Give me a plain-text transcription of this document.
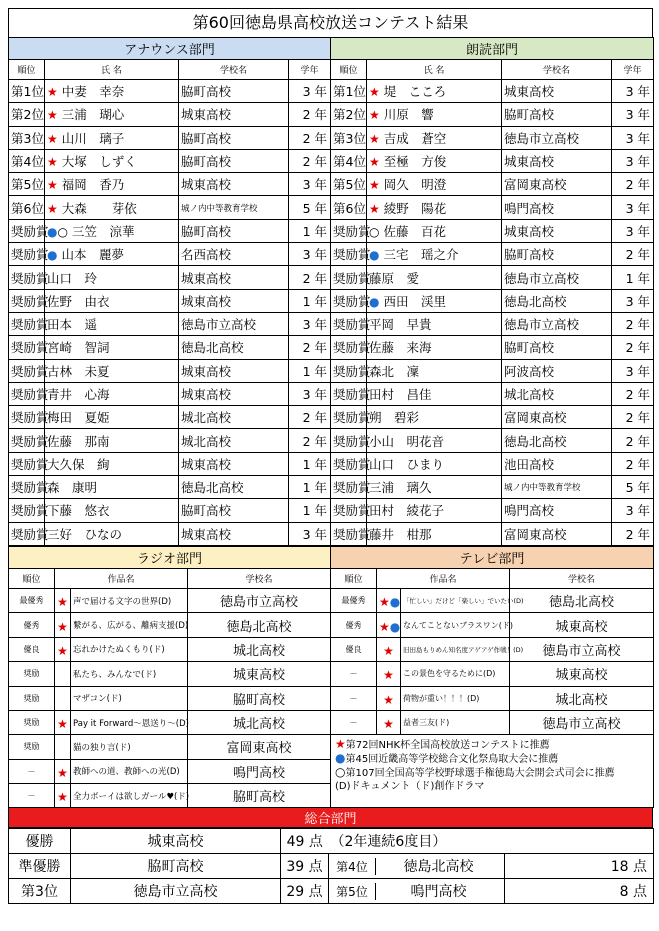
第60回徳島県高校放送コンテスト結果
アナウンス部門				朗読部門			
順位	氏 名	学校名	学年	順位	氏 名	学校名	学年
第1位	★ 中妻　幸奈	脇町高校	3 年	第1位	★ 堤　こころ	城東高校	3 年
第2位	★ 三浦　瑚心	城東高校	2 年	第2位	★ 川原　響	脇町高校	3 年
第3位	★ 山川　璃子	脇町高校	2 年	第3位	★ 吉成　蒼空	徳島市立高校	3 年
第4位	★ 大塚　しずく	脇町高校	2 年	第4位	★ 至極　方俊	城東高校	3 年
第5位	★ 福岡　香乃	城東高校	3 年	第5位	★ 岡久　明澄	富岡東高校	2 年
第6位	★ 大森　　芽依	城ノ内中等教育学校	5 年	第6位	★ 綾野　陽花	鳴門高校	3 年
奨励賞	●○ 三笠　涼華	脇町高校	1 年	奨励賞	○ 佐藤　百花	城東高校	3 年
奨励賞	● 山本　麗夢	名西高校	3 年	奨励賞	● 三宅　瑶之介	脇町高校	2 年
奨励賞	山口　玲	城東高校	2 年	奨励賞	藤原　愛	徳島市立高校	1 年
奨励賞	佐野　由衣	城東高校	1 年	奨励賞	● 西田　渓里	徳島北高校	3 年
奨励賞	田本　遥	徳島市立高校	3 年	奨励賞	平岡　早貴	徳島市立高校	2 年
奨励賞	宮崎　智詞	徳島北高校	2 年	奨励賞	佐藤　来海	脇町高校	2 年
奨励賞	古林　未夏	城東高校	1 年	奨励賞	森北　凜	阿波高校	3 年
奨励賞	青井　心海	城東高校	3 年	奨励賞	田村　昌佳	城北高校	2 年
奨励賞	梅田　夏姫	城北高校	2 年	奨励賞	朔　碧彩	富岡東高校	2 年
奨励賞	佐藤　那南	城北高校	2 年	奨励賞	小山　明花音	徳島北高校	2 年
奨励賞	大久保　絢	城東高校	1 年	奨励賞	山口　ひまり	池田高校	2 年
奨励賞	森　康明	徳島北高校	1 年	奨励賞	三浦　璃久	城ノ内中等教育学校	5 年
奨励賞	下藤　悠衣	脇町高校	1 年	奨励賞	田村　綾花子	鳴門高校	3 年
奨励賞	三好　ひなの	城東高校	3 年	奨励賞	藤井　柑那	富岡東高校	2 年
ラジオ部門				テレビ部門			
順位	作品名		学校名	順位	作品名		学校名
最優秀	★	声で届ける文字の世界(D)	徳島市立高校	最優秀	★●	「忙しい」だけど「楽しい」でいたい(D)	徳島北高校
優秀	★	繋がる、広がる、離病支援(D)	徳島北高校	優秀	★●	なんてことないブラスワン(ド)	城東高校
優良	★	忘れかけたぬくもり(ド)	城北高校	優良	★	旧田島もりめん知名度アゲアゲ作戦！(D)	徳島市立高校
奨励		私たち、みんなで(ド)	城東高校	－	★	この景色を守るために(D)	城東高校
奨励		マザコン(ド)	脇町高校	－	★	荷物が重い！！！(D)	城北高校
奨励	★	Pay it Forward～恩送り～(D)	城北高校	－	★	益者三友(ド)	徳島市立高校
奨励		猫の独り言(ド)	富岡東高校	★第72回NHK杯全国高校放送コンテストに推薦
●第45回近畿高等学校総合文化祭鳥取大会に推薦
○第107回全国高等学校野球選手権徳島大会開会式司会に推薦
(D)ドキュメント（ド)創作ドラマ			

－	★	教師への道、教師への光(D)	鳴門高校				
－	★	全力ボーイは欲しガール♥(ド)	脇町高校				
総合部門
優勝	城東高校	49 点	（2年連続6度目）	
準優勝	脇町高校	39 点	第4位 徳島北高校	18 点
第3位	徳島市立高校	29 点	第5位 鳴門高校	8 点
